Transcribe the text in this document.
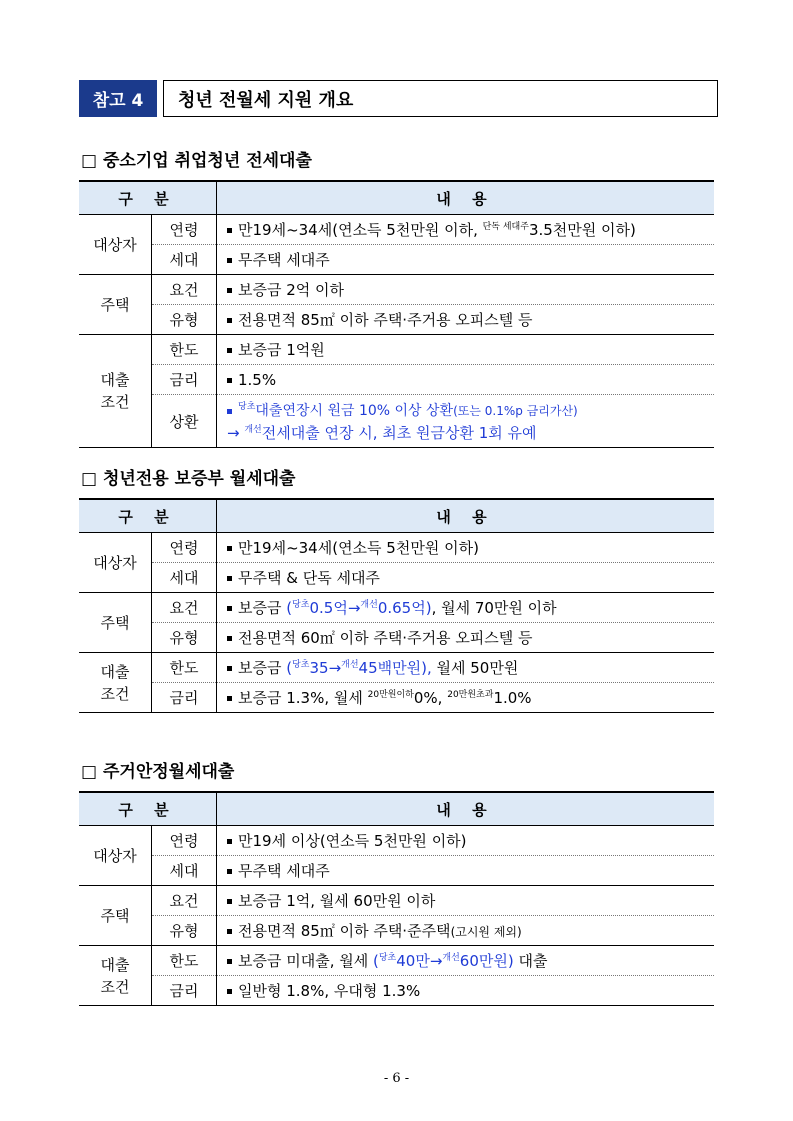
참고 4	청년 전월세 지원 개요
□ 중소기업 취업청년 전세대출
구 분		내 용
대상자	연령	만19세~34세(연소득 5천만원 이하, $^{단독 세대주}$3.5천만원 이하)
	세대	무주택 세대주
주택	요건	보증금 2억 이하
	유형	전용면적 85㎡ 이하 주택·주거용 오피스텔 등
대출
조건	한도	보증금 1억원
	금리	1.5%
	상환	$^{당초}$대출연장시 원금 10% 이상 상환(또는 0.1%p 금리가산)
→ $^{개선}$전세대출 연장 시, 최초 원금상환 1회 유예
□ 청년전용 보증부 월세대출
구 분		내 용
대상자	연령	만19세~34세(연소득 5천만원 이하)
	세대	무주택 & 단독 세대주
주택	요건	보증금 ($^{당초}$0.5억→$^{개선}$0.65억), 월세 70만원 이하
	유형	전용면적 60㎡ 이하 주택·주거용 오피스텔 등
대출
조건	한도	보증금 ($^{당초}$35→$^{개선}$45백만원), 월세 50만원
	금리	보증금 1.3%, 월세 $^{20만원이하}$0%, $^{20만원초과}$1.0%
□ 주거안정월세대출
구 분		내 용
대상자	연령	만19세 이상(연소득 5천만원 이하)
	세대	무주택 세대주
주택	요건	보증금 1억, 월세 60만원 이하
	유형	전용면적 85㎡ 이하 주택·준주택(고시원 제외)
대출
조건	한도	보증금 미대출, 월세 ($^{당초}$40만→$^{개선}$60만원) 대출
	금리	일반형 1.8%, 우대형 1.3%
- 6 -
